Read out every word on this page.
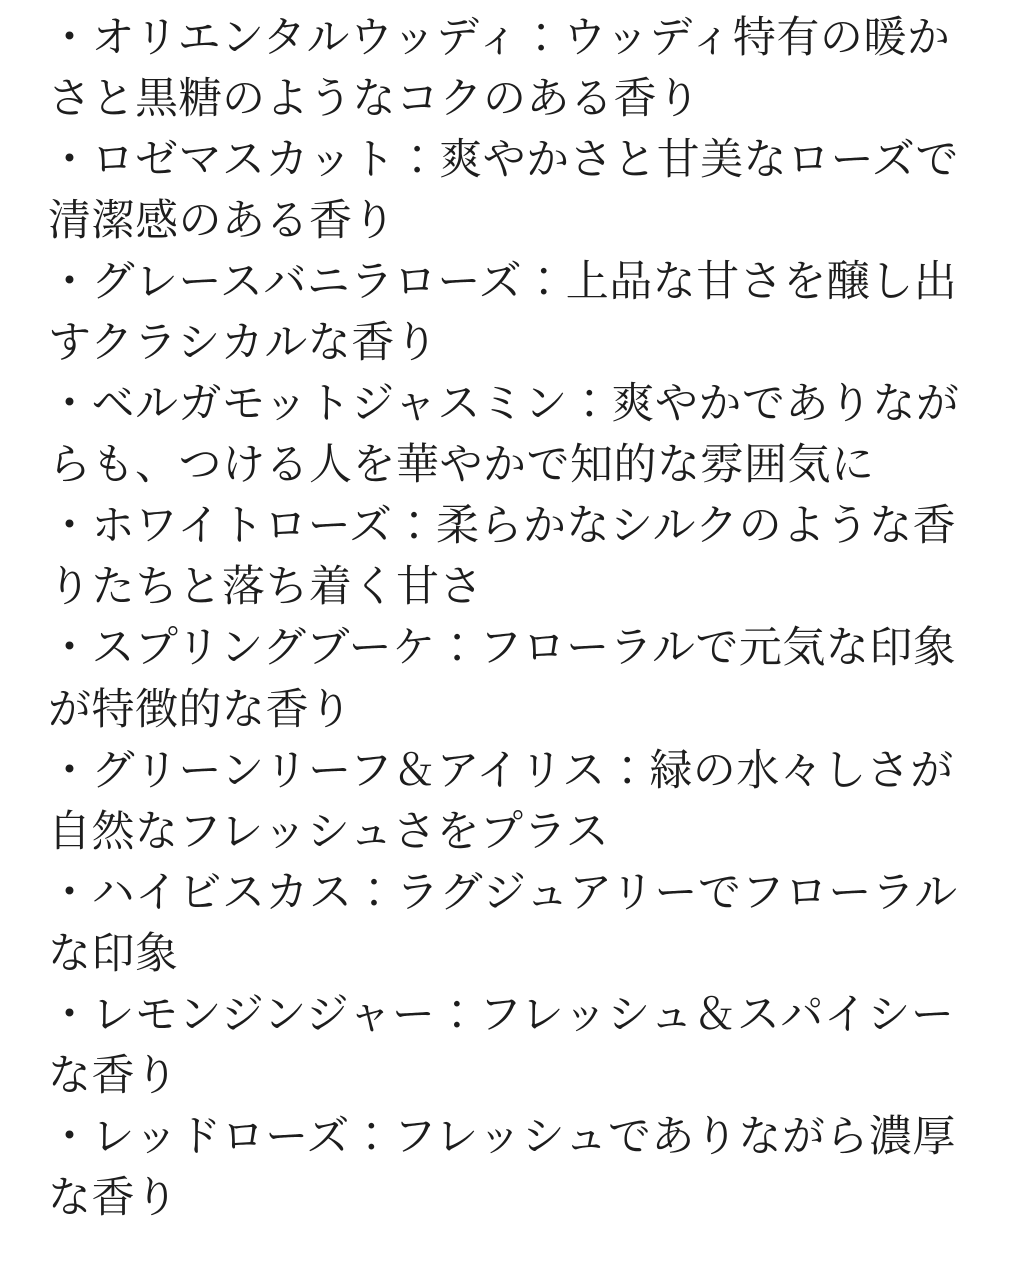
・オリエンタルウッディ：ウッディ特有の暖かさと黒糖のようなコクのある香り
・ロゼマスカット：爽やかさと甘美なローズで清潔感のある香り
・グレースバニラローズ：上品な甘さを醸し出すクラシカルな香り
・ベルガモットジャスミン：爽やかでありながらも、つける人を華やかで知的な雰囲気に
・ホワイトローズ：柔らかなシルクのような香りたちと落ち着く甘さ
・スプリングブーケ：フローラルで元気な印象が特徴的な香り
・グリーンリーフ＆アイリス：緑の水々しさが自然なフレッシュさをプラス
・ハイビスカス：ラグジュアリーでフローラルな印象
・レモンジンジャー：フレッシュ＆スパイシーな香り
・レッドローズ：フレッシュでありながら濃厚な香り
